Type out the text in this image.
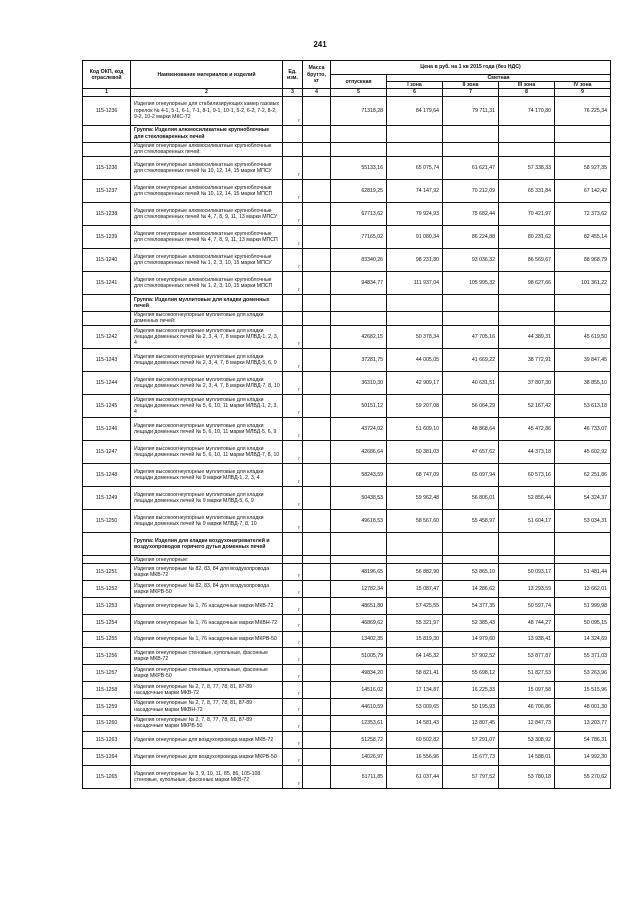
241
Код ОКП, код отраслевой	Наименование материалов и изделий	Ед. изм.	Масса брутто, кг	Цена в руб. на 1 кв 2015 года (без НДС)				
				отпускная	Сметная			
					I зона	II зона	III зона	IV зона
1	2	3	4	5	6	7	8	9
115-1236	Изделия огнеупорные для стабилизирующих камер газовых горелок № 4-1, 5-1, 6-1, 7-1, 8-1, 9-1, 10-1, 5-2, 6-2, 7-2, 8-2, 9-2, 10-2 марки МКС-72	т		71318,28	84 179,64	79 711,31	74 170,80	76 225,34
	Группа: Изделия алюмосиликатные крупноблочные для стекловаренных печей							
	Изделия огнеупорные алюмосиликатные крупноблочные для стекловаренных печей:							
115-1236	Изделия огнеупорные алюмосиликатные крупноблочные для стекловаренных печей № 10, 12, 14, 15 марки МПСУ	т		55133,16	65 075,74	61 621,47	57 338,33	58 927,35
115-1237	Изделия огнеупорные алюмосиликатные крупноблочные для стекловаренных печей № 10, 12, 14, 15 марки МПСП	т		62819,25	74 147,92	70 212,09	65 331,84	67 142,42
115-1238	Изделия огнеупорные алюмосиликатные крупноблочные для стекловаренных печей № 4, 7, 8, 9, 11, 13 марки МПСУ	т		67713,62	79 924,93	75 682,44	70 421,97	72 373,62
115-1239	Изделия огнеупорные алюмосиликатные крупноблочные для стекловаренных печей № 4, 7, 8, 9, 11, 13 марки МПСП	т		77165,02	91 080,34	86 224,88	80 231,62	82 455,14
115-1240	Изделия огнеупорные алюмосиликатные крупноблочные для стекловаренных печей № 1, 2, 3, 10, 15 марки МПСУ	т		83340,26	98 231,80	93 036,32	86 569,67	88 968,79
115-1241	Изделия огнеупорные алюмосиликатные крупноблочные для стекловаренных печей № 1, 2, 3, 10, 15 марки МПСП	т		94834,77	111 937,04	105 995,32	98 627,66	101 361,22
	Группа: Изделия муллитовые для кладки доменных печей							
	Изделия высокоогнеупорные муллитовые для кладки доменных печей:							
115-1242	Изделия высокоогнеупорные муллитовые для кладки лещади доменных печей № 2, 3, 4, 7, 8 марки МЛВД-1, 2, 3, 4	т		42682,15	50 378,34	47 705,16	44 389,31	45 619,50
115-1243	Изделия высокоогнеупорные муллитовые для кладки лещади доменных печей № 2, 3, 4, 7, 8 марки МЛВД-5, 6, 9	т		37281,75	44 005,05	41 669,22	38 772,91	39 847,45
115-1244	Изделия высокоогнеупорные муллитовые для кладки лещади доменных печей № 2, 3, 4, 7, 8 марки МЛВД-7, 8, 10	т		36310,30	42 909,17	40 631,51	37 807,30	38 855,10
115-1245	Изделия высокоогнеупорные муллитовые для кладки лещади доменных печей № 5, 6, 10, 11 марки МЛВД-1, 2, 3, 4	т		50151,12	59 207,08	56 064,29	52 167,42	53 613,18
115-1246	Изделия высокоогнеупорные муллитовые для кладки лещади доменных печей № 5, 6, 10, 11 марки МЛВД-5, 6, 9	т		43724,02	51 609,10	48 868,64	45 472,86	46 733,07
115-1247	Изделия высокоогнеупорные муллитовые для кладки лещади доменных печей № 5, 6, 10, 11 марки МЛВД-7, 8, 10	т		42686,64	50 381,03	47 657,62	44 373,18	45 602,92
115-1248	Изделия высокоогнеупорные муллитовые для кладки лещади доменных печей № 9 марки МЛВД-1, 2, 3, 4	т		58243,59	68 747,09	65 097,94	60 573,16	62 251,86
115-1249	Изделия высокоогнеупорные муллитовые для кладки лещади доменных печей № 9 марки МЛВД-5, 6, 9	т		50438,53	59 962,48	56 806,01	52 856,44	54 324,37
115-1250	Изделия высокоогнеупорные муллитовые для кладки лещади доменных печей № 9 марки МЛВД-7, 8, 10	т		49618,53	58 567,60	55 458,97	51 604,17	53 034,31
	Группа: Изделия для кладки воздухонагревателей и воздухопроводов горячего дутья доменных печей							
	Изделия огнеупорные:							
115-1251	Изделия огнеупорные № 82, 83, 84 для воздухопровода марки МКВ-72	т		48196,65	56 882,90	53 865,10	50 093,17	51 481,44
115-1252	Изделия огнеупорные № 82, 83, 84 для воздухопровода марки МКРВ-50	т		12782,34	15 087,47	14 286,62	13 293,59	13 662,01
115-1253	Изделия огнеупорные № 1, 76 насадочные марки МКВ-72	т		48651,80	57 425,55	54 377,35	50 597,74	51 999,98
115-1254	Изделия огнеупорные № 1, 76 насадочные марки МКВН-72	т		46869,62	55 321,97	52 385,43	48 744,27	50 095,15
115-1255	Изделия огнеупорные № 1, 76 насадочные марки МКРВ-50	т		13402,35	15 819,30	14 979,60	13 938,41	14 324,69
115-1256	Изделия огнеупорные стеновые, купольные, фасонные марки МКВ-72	т		51005,79	64 145,32	57 902,52	53 877,87	55 371,03
115-1257	Изделия огнеупорные стеновые, купольные, фасонные марки МКРВ-50	т		49834,20	58 821,41	55 698,12	51 827,53	53 263,96
115-1258	Изделия огнеупорные № 2, 7, 8, 77, 78, 81, 87-89 насадочные марки МКВ-72	т		14516,02	17 134,87	16 225,33	15 097,58	15 515,96
115-1259	Изделия огнеупорные № 2, 7, 8, 77, 78, 81, 87-89 насадочные марки МКВН-72	т		44610,59	53 009,65	50 195,93	46 706,86	48 001,30
115-1260	Изделия огнеупорные № 2, 7, 8, 77, 78, 81, 87-89 насадочные марки МКРВ-50	т		12353,61	14 581,43	13 807,45	12 847,73	13 203,77
115-1263	Изделия огнеупорные для воздухопровода марки МКВ-72	т		51258,72	60 502,82	57 291,07	53 308,92	54 786,31
115-1264	Изделия огнеупорные для воздухопровода марки МКРВ-50	т		14026,97	16 556,96	15 677,73	14 588,01	14 992,30
115-1265	Изделия огнеупорные № 3, 9, 10, 11, 85, 86, 105-108 стеновые, купольные, фасонные марки МКВ-72	т		51711,85	61 037,44	57 797,52	53 780,18	55 270,62
